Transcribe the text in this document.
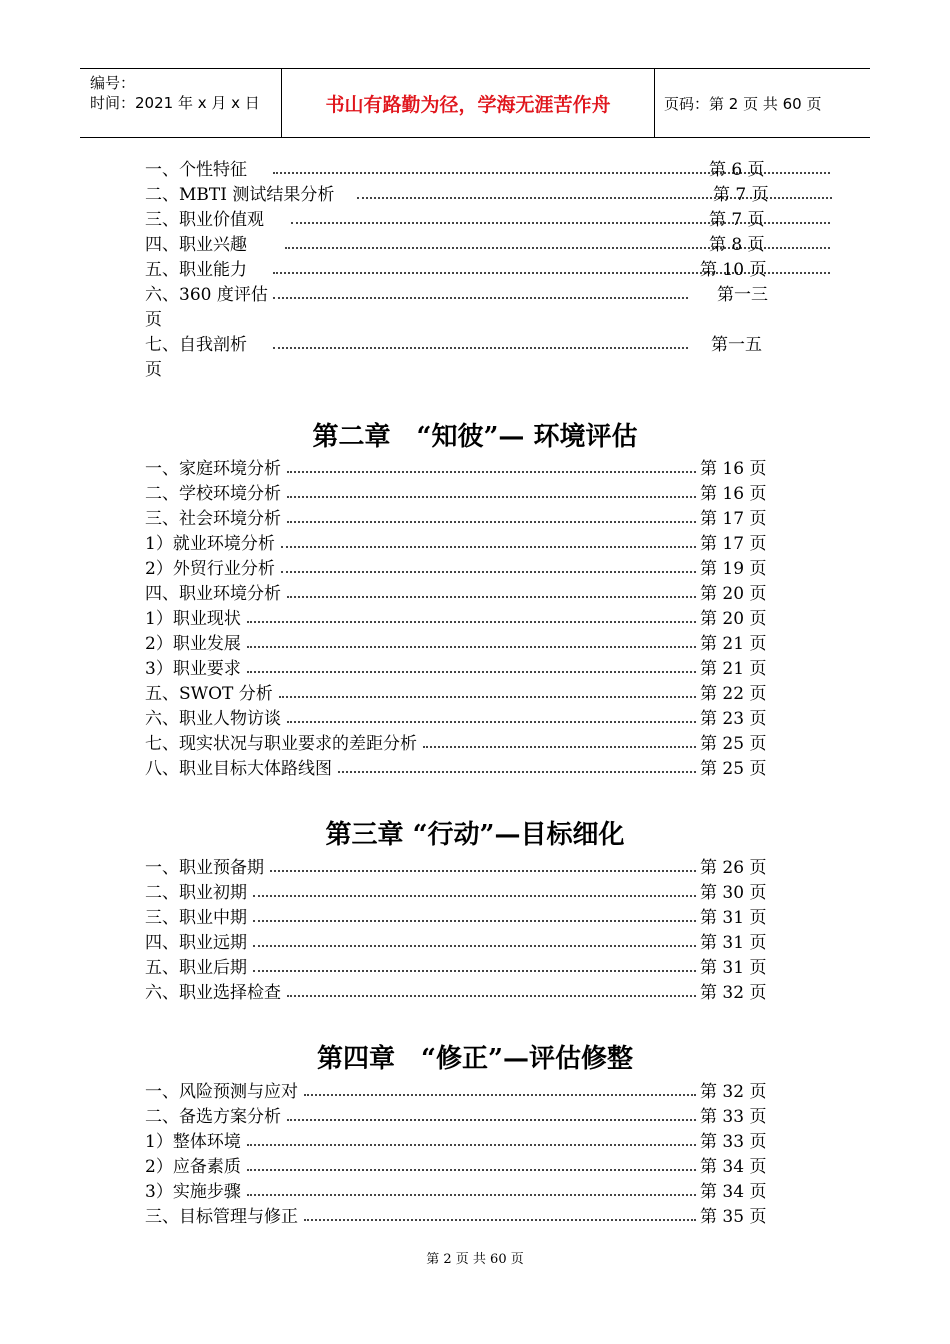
编号：
时间：2021 年 x 月 x 日	书山有路勤为径，学海无涯苦作舟	页码：第 2 页 共 60 页
一、个性特征	第 6 页
二、MBTI 测试结果分析	第 7 页
三、职业价值观	第 7 页
四、职业兴趣	第 8 页
五、职业能力	第 10 页
六、360 度评估	第一三
页
七、自我剖析	第一五
页
第二章　“知彼”— 环境评估
一、家庭环境分析	第 16 页
二、学校环境分析	第 16 页
三、社会环境分析	第 17 页
1）就业环境分析	第 17 页
2）外贸行业分析	第 19 页
四、职业环境分析	第 20 页
1）职业现状	第 20 页
2）职业发展	第 21 页
3）职业要求	第 21 页
五、SWOT 分析	第 22 页
六、职业人物访谈	第 23 页
七、现实状况与职业要求的差距分析	第 25 页
八、职业目标大体路线图	第 25 页
第三章 “行动”—目标细化
一、职业预备期	第 26 页
二、职业初期	第 30 页
三、职业中期	第 31 页
四、职业远期	第 31 页
五、职业后期	第 31 页
六、职业选择检查	第 32 页
第四章　“修正”—评估修整
一、风险预测与应对	第 32 页
二、备选方案分析	第 33 页
1）整体环境	第 33 页
2）应备素质	第 34 页
3）实施步骤	第 34 页
三、目标管理与修正	第 35 页
第 2 页 共 60 页
